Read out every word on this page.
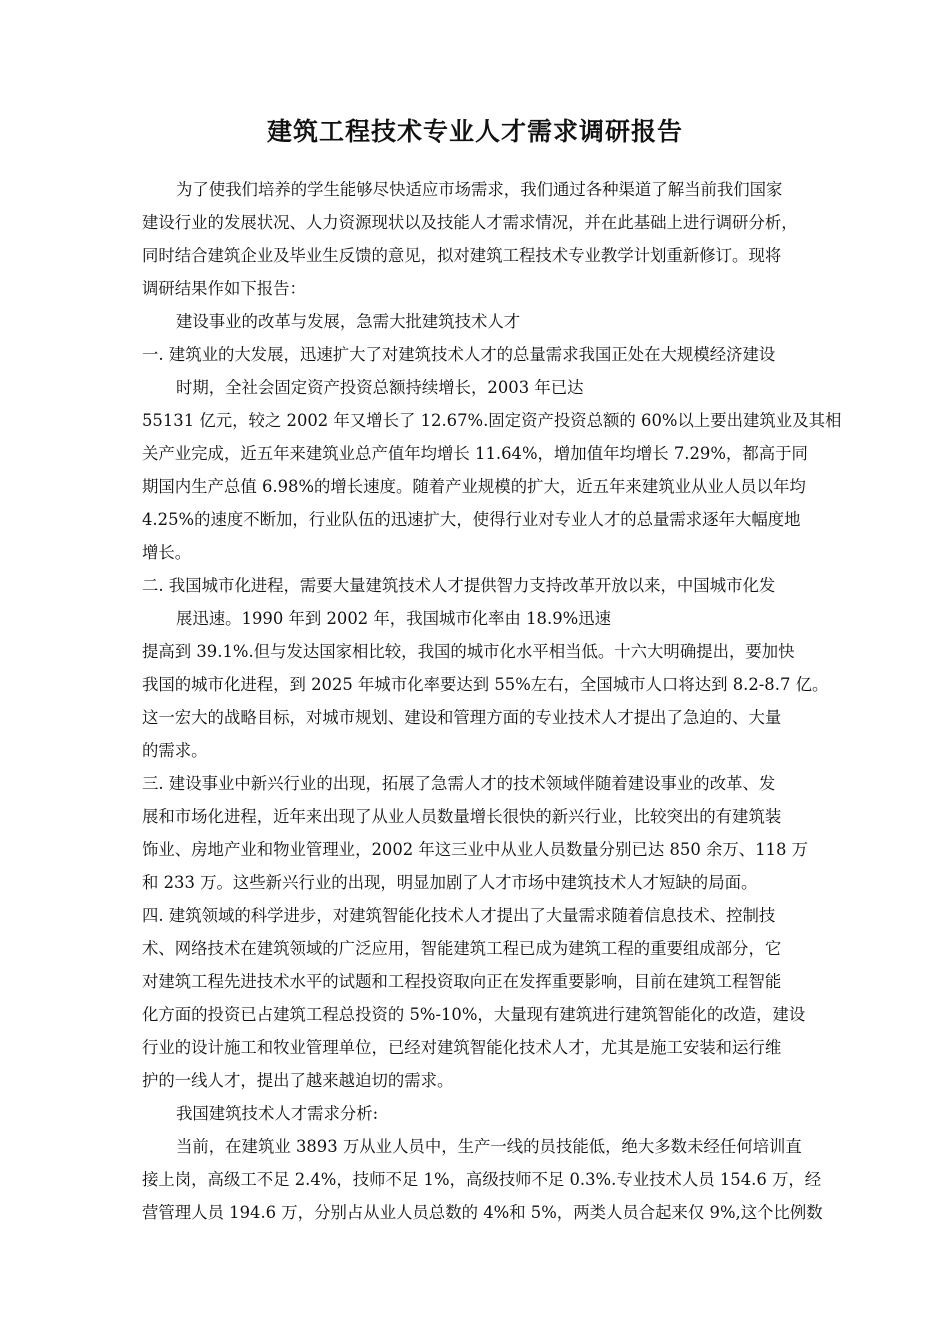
建筑工程技术专业人才需求调研报告
为了使我们培养的学生能够尽快适应市场需求，我们通过各种渠道了解当前我们国家
建设行业的发展状况、人力资源现状以及技能人才需求情况，并在此基础上进行调研分析，
同时结合建筑企业及毕业生反馈的意见，拟对建筑工程技术专业教学计划重新修订。现将
调研结果作如下报告：
建设事业的改革与发展，急需大批建筑技术人才
一. 建筑业的大发展，迅速扩大了对建筑技术人才的总量需求我国正处在大规模经济建设
时期，全社会固定资产投资总额持续增长，2003 年已达
55131 亿元，较之 2002 年又增长了 12.67%.固定资产投资总额的 60%以上要出建筑业及其相
关产业完成，近五年来建筑业总产值年均增长 11.64%，增加值年均增长 7.29%，都高于同
期国内生产总值 6.98%的增长速度。随着产业规模的扩大，近五年来建筑业从业人员以年均
4.25%的速度不断加，行业队伍的迅速扩大，使得行业对专业人才的总量需求逐年大幅度地
增长。
二. 我国城市化进程，需要大量建筑技术人才提供智力支持改革开放以来，中国城市化发
展迅速。1990 年到 2002 年，我国城市化率由 18.9%迅速
提高到 39.1%.但与发达国家相比较，我国的城市化水平相当低。十六大明确提出，要加快
我国的城市化进程，到 2025 年城市化率要达到 55%左右，全国城市人口将达到 8.2-8.7 亿。
这一宏大的战略目标，对城市规划、建设和管理方面的专业技术人才提出了急迫的、大量
的需求。
三. 建设事业中新兴行业的出现，拓展了急需人才的技术领域伴随着建设事业的改革、发
展和市场化进程，近年来出现了从业人员数量增长很快的新兴行业，比较突出的有建筑装
饰业、房地产业和物业管理业，2002 年这三业中从业人员数量分别已达 850 余万、118 万
和 233 万。这些新兴行业的出现，明显加剧了人才市场中建筑技术人才短缺的局面。
四. 建筑领域的科学进步，对建筑智能化技术人才提出了大量需求随着信息技术、控制技
术、网络技术在建筑领域的广泛应用，智能建筑工程已成为建筑工程的重要组成部分，它
对建筑工程先进技术水平的试题和工程投资取向正在发挥重要影响，目前在建筑工程智能
化方面的投资已占建筑工程总投资的 5%-10%，大量现有建筑进行建筑智能化的改造，建设
行业的设计施工和牧业管理单位，已经对建筑智能化技术人才，尤其是施工安装和运行维
护的一线人才，提出了越来越迫切的需求。
我国建筑技术人才需求分析:
当前，在建筑业 3893 万从业人员中，生产一线的员技能低，绝大多数未经任何培训直
接上岗，高级工不足 2.4%，技师不足 1%，高级技师不足 0.3%.专业技术人员 154.6 万，经
营管理人员 194.6 万，分别占从业人员总数的 4%和 5%，两类人员合起来仅 9%,这个比例数
